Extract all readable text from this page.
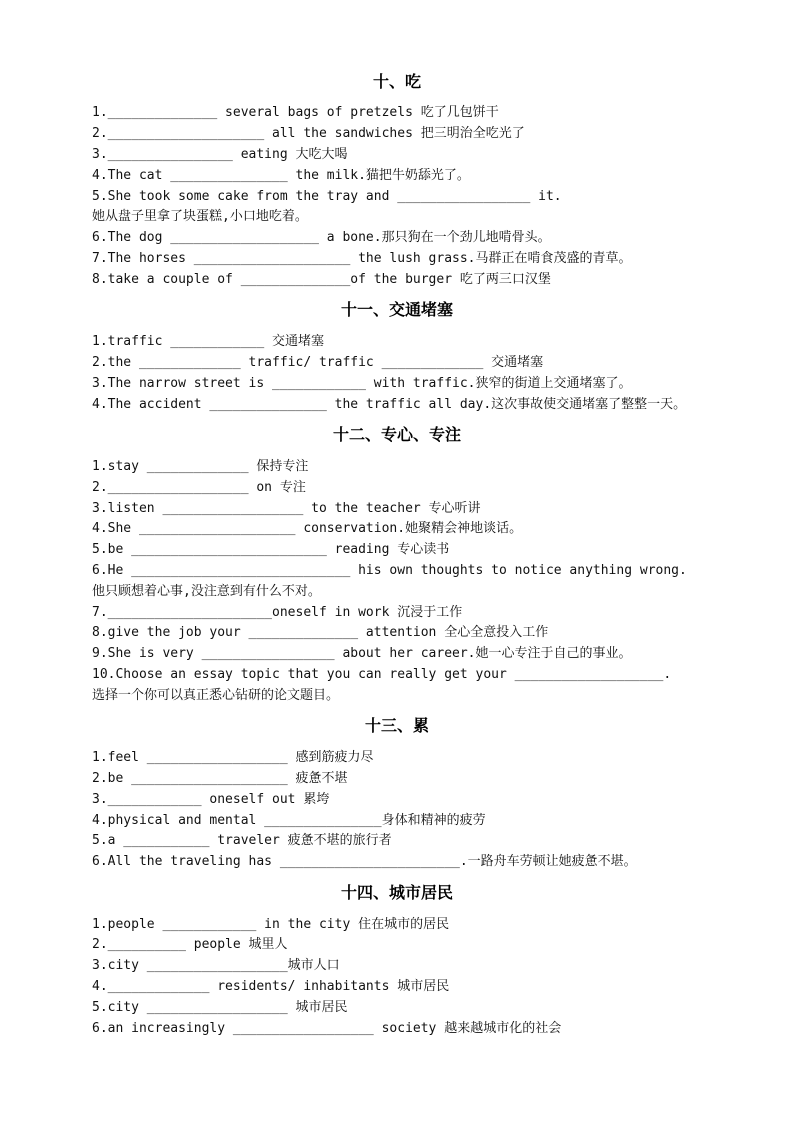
十、吃
1.______________ several bags of pretzels 吃了几包饼干
2.____________________ all the sandwiches 把三明治全吃光了
3.________________ eating 大吃大喝
4.The cat _______________ the milk.猫把牛奶舔光了。
5.She took some cake from the tray and _________________ it.
她从盘子里拿了块蛋糕,小口地吃着。
6.The dog ___________________ a bone.那只狗在一个劲儿地啃骨头。
7.The horses ____________________ the lush grass.马群正在啃食茂盛的青草。
8.take a couple of ______________of the burger 吃了两三口汉堡
十一、交通堵塞
1.traffic ____________ 交通堵塞
2.the _____________ traffic/ traffic _____________ 交通堵塞
3.The narrow street is ____________ with traffic.狭窄的街道上交通堵塞了。
4.The accident _______________ the traffic all day.这次事故使交通堵塞了整整一天。
十二、专心、专注
1.stay _____________ 保持专注
2.__________________ on 专注
3.listen __________________ to the teacher 专心听讲
4.She ____________________ conservation.她聚精会神地谈话。
5.be _________________________ reading 专心读书
6.He ____________________________ his own thoughts to notice anything wrong.
他只顾想着心事,没注意到有什么不对。
7._____________________oneself in work 沉浸于工作
8.give the job your ______________ attention 全心全意投入工作
9.She is very _________________ about her career.她一心专注于自己的事业。
10.Choose an essay topic that you can really get your ___________________.
选择一个你可以真正悉心钻研的论文题目。
十三、累
1.feel __________________ 感到筋疲力尽
2.be ____________________ 疲惫不堪
3.____________ oneself out 累垮
4.physical and mental _______________身体和精神的疲劳
5.a ___________ traveler 疲惫不堪的旅行者
6.All the traveling has _______________________.一路舟车劳顿让她疲惫不堪。
十四、城市居民
1.people ____________ in the city 住在城市的居民
2.__________ people 城里人
3.city __________________城市人口
4._____________ residents/ inhabitants 城市居民
5.city __________________ 城市居民
6.an increasingly __________________ society 越来越城市化的社会
